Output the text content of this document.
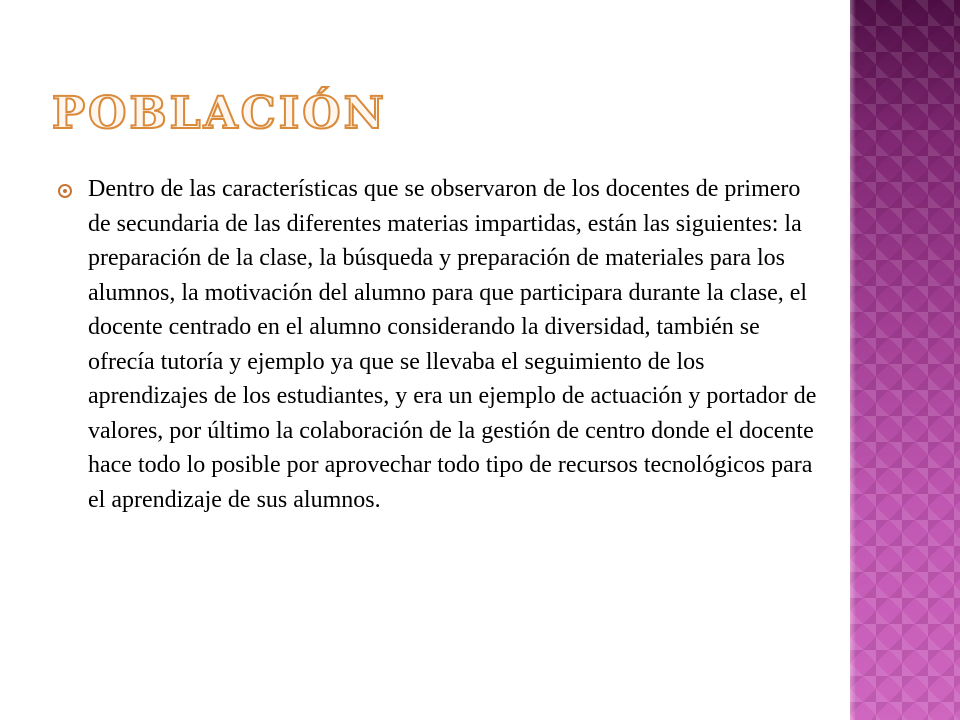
POBLACIÓN

Dentro de las características que se observaron de los docentes de primero de secundaria de las diferentes materias impartidas, están las siguientes: la preparación de la clase, la búsqueda y preparación de materiales para los alumnos, la motivación del alumno para que participara durante la clase, el docente centrado en el alumno considerando la diversidad, también se ofrecía tutoría y ejemplo ya que se llevaba el seguimiento de los aprendizajes de los estudiantes, y era un ejemplo de actuación y portador de valores, por último la colaboración de la gestión de centro donde el docente hace todo lo posible por aprovechar todo tipo de recursos tecnológicos para el aprendizaje de sus alumnos.
